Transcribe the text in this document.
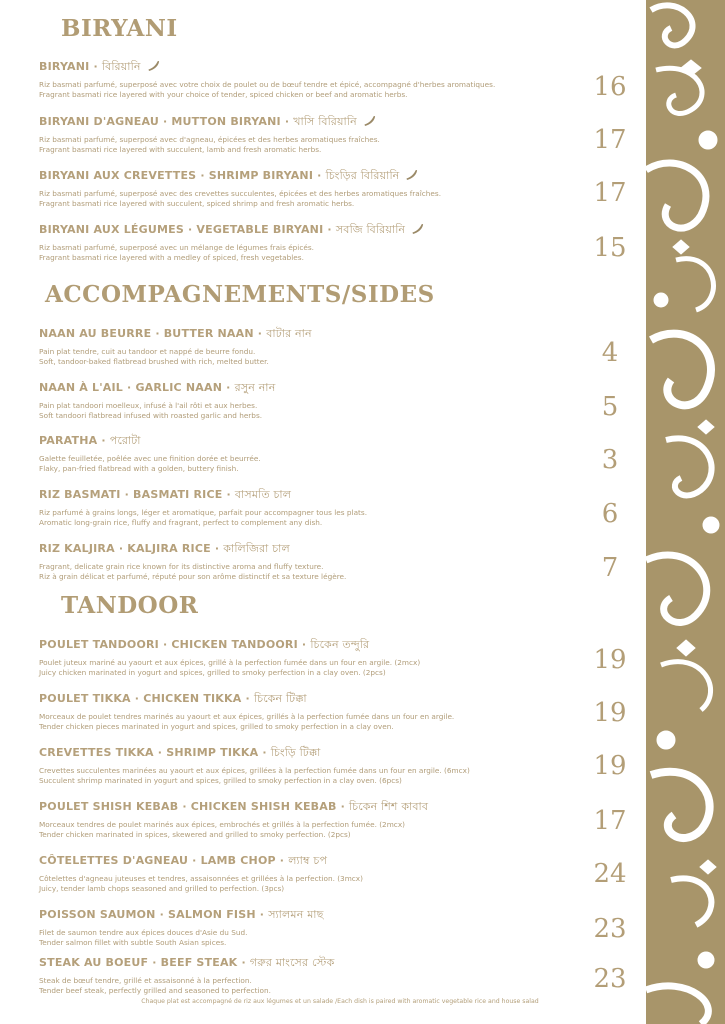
BIRYANI
BIRYANI · বিরিয়ানি
Riz basmati parfumé, superposé avec votre choix de poulet ou de bœuf tendre et épicé, accompagné d'herbes aromatiques.
Fragrant basmati rice layered with your choice of tender, spiced chicken or beef and aromatic herbs.	16
BIRYANI D'AGNEAU · MUTTON BIRYANI · খাসি বিরিয়ানি
Riz basmati parfumé, superposé avec d'agneau, épicées et des herbes aromatiques fraîches.
Fragrant basmati rice layered with succulent, lamb and fresh aromatic herbs.	17
BIRYANI AUX CREVETTES · SHRIMP BIRYANI · চিংড়ির বিরিয়ানি
Riz basmati parfumé, superposé avec des crevettes succulentes, épicées et des herbes aromatiques fraîches.
Fragrant basmati rice layered with succulent, spiced shrimp and fresh aromatic herbs.	17
BIRYANI AUX LÉGUMES · VEGETABLE BIRYANI · সবজি বিরিয়ানি
Riz basmati parfumé, superposé avec un mélange de légumes frais épicés.
Fragrant basmati rice layered with a medley of spiced, fresh vegetables.	15
ACCOMPAGNEMENTS/SIDES
NAAN AU BEURRE · BUTTER NAAN · বাটার নান
Pain plat tendre, cuit au tandoor et nappé de beurre fondu.
Soft, tandoor-baked flatbread brushed with rich, melted butter.	4
NAAN À L'AIL · GARLIC NAAN · রসুন নান
Pain plat tandoori moelleux, infusé à l'ail rôti et aux herbes.
Soft tandoori flatbread infused with roasted garlic and herbs.	5
PARATHA · পরোটা
Galette feuilletée, poêlée avec une finition dorée et beurrée.
Flaky, pan-fried flatbread with a golden, buttery finish.	3
RIZ BASMATI · BASMATI RICE · বাসমতি চাল
Riz parfumé à grains longs, léger et aromatique, parfait pour accompagner tous les plats.
Aromatic long-grain rice, fluffy and fragrant, perfect to complement any dish.	6
RIZ KALJIRA · KALJIRA RICE · কালিজিরা চাল
Fragrant, delicate grain rice known for its distinctive aroma and fluffy texture.
Riz à grain délicat et parfumé, réputé pour son arôme distinctif et sa texture légère.	7
TANDOOR
POULET TANDOORI · CHICKEN TANDOORI · চিকেন তন্দুরি
Poulet juteux mariné au yaourt et aux épices, grillé à la perfection fumée dans un four en argile. (2mcx)
Juicy chicken marinated in yogurt and spices, grilled to smoky perfection in a clay oven. (2pcs)	19
POULET TIKKA · CHICKEN TIKKA · চিকেন টিক্কা
Morceaux de poulet tendres marinés au yaourt et aux épices, grillés à la perfection fumée dans un four en argile.
Tender chicken pieces marinated in yogurt and spices, grilled to smoky perfection in a clay oven.	19
CREVETTES TIKKA · SHRIMP TIKKA · চিংড়ি টিক্কা
Crevettes succulentes marinées au yaourt et aux épices, grillées à la perfection fumée dans un four en argile. (6mcx)
Succulent shrimp marinated in yogurt and spices, grilled to smoky perfection in a clay oven. (6pcs)	19
POULET SHISH KEBAB · CHICKEN SHISH KEBAB · চিকেন শিশ কাবাব
Morceaux tendres de poulet marinés aux épices, embrochés et grillés à la perfection fumée. (2mcx)
Tender chicken marinated in spices, skewered and grilled to smoky perfection. (2pcs)	17
CÔTELETTES D'AGNEAU · LAMB CHOP · ল্যাম্ব চপ
Côtelettes d'agneau juteuses et tendres, assaisonnées et grillées à la perfection. (3mcx)
Juicy, tender lamb chops seasoned and grilled to perfection. (3pcs)	24
POISSON SAUMON · SALMON FISH · স্যালমন মাছ
Filet de saumon tendre aux épices douces d'Asie du Sud.
Tender salmon fillet with subtle South Asian spices.	23
STEAK AU BOEUF · BEEF STEAK · গরুর মাংসের স্টেক
Steak de bœuf tendre, grillé et assaisonné à la perfection.
Tender beef steak, perfectly grilled and seasoned to perfection.	23
Chaque plat est accompagné de riz aux légumes et un salade /Each dish is paired with aromatic vegetable rice and house salad
